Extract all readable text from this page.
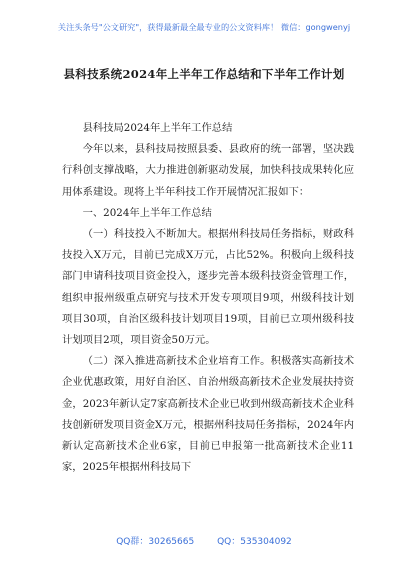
关注头条号"公文研究"，获得最新最全最专业的公文资料库！ 微信：gongwenyj
县科技系统2024年上半年工作总结和下半年工作计划

县科技局2024年上半年工作总结

今年以来，县科技局按照县委、县政府的统一部署，坚决践行科创支撑战略，大力推进创新驱动发展，加快科技成果转化应用体系建设。现将上半年科技工作开展情况汇报如下：

一、2024年上半年工作总结

（一）科技投入不断加大。根据州科技局任务指标，财政科技投入X万元，目前已完成X万元，占比52%。积极向上级科技部门申请科技项目资金投入，逐步完善本级科技资金管理工作，组织申报州级重点研究与技术开发专项项目9项，州级科技计划项目30项，自治区级科技计划项目19项，目前已立项州级科技计划项目2项，项目资金50万元。

（二）深入推进高新技术企业培育工作。积极落实高新技术企业优惠政策，用好自治区、自治州级高新技术企业发展扶持资金，2023年新认定7家高新技术企业已收到州级高新技术企业科技创新研发项目资金X万元，根据州科技局任务指标，2024年内新认定高新技术企业6家，目前已申报第一批高新技术企业11家，2025年根据州科技局下

QQ群：30265665	QQ：535304092
